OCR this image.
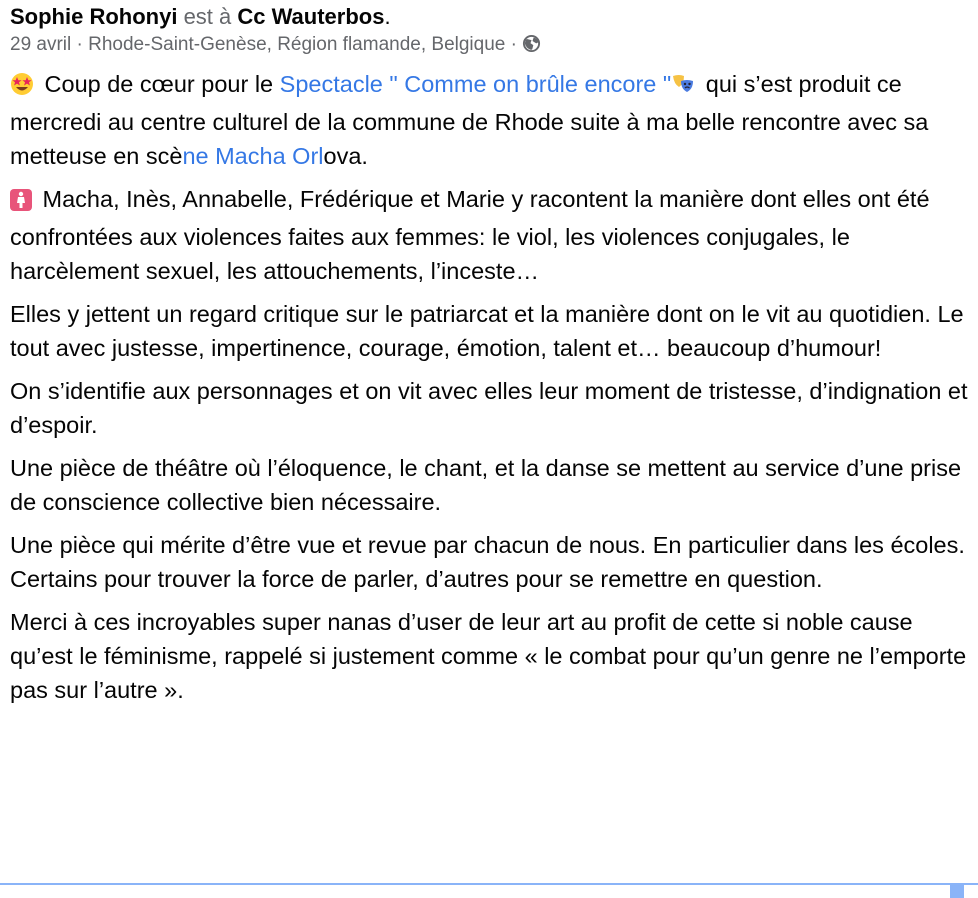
Sophie Rohonyi est à Cc Wauterbos.
29 avril · Rhode-Saint-Genèse, Région flamande, Belgique ·

Coup de cœur pour le Spectacle " Comme on brûle encore " qui s’est produit ce mercredi au centre culturel de la commune de Rhode suite à ma belle rencontre avec sa metteuse en scène Macha Orlova.

Macha, Inès, Annabelle, Frédérique et Marie y racontent la manière dont elles ont été confrontées aux violences faites aux femmes: le viol, les violences conjugales, le harcèlement sexuel, les attouchements, l’inceste…

Elles y jettent un regard critique sur le patriarcat et la manière dont on le vit au quotidien. Le tout avec justesse, impertinence, courage, émotion, talent et… beaucoup d’humour!

On s’identifie aux personnages et on vit avec elles leur moment de tristesse, d’indignation et d’espoir.

Une pièce de théâtre où l’éloquence, le chant, et la danse se mettent au service d’une prise de conscience collective bien nécessaire.

Une pièce qui mérite d’être vue et revue par chacun de nous. En particulier dans les écoles.
Certains pour trouver la force de parler, d’autres pour se remettre en question.

Merci à ces incroyables super nanas d’user de leur art au profit de cette si noble cause qu’est le féminisme, rappelé si justement comme « le combat pour qu’un genre ne l’emporte pas sur l’autre ».
